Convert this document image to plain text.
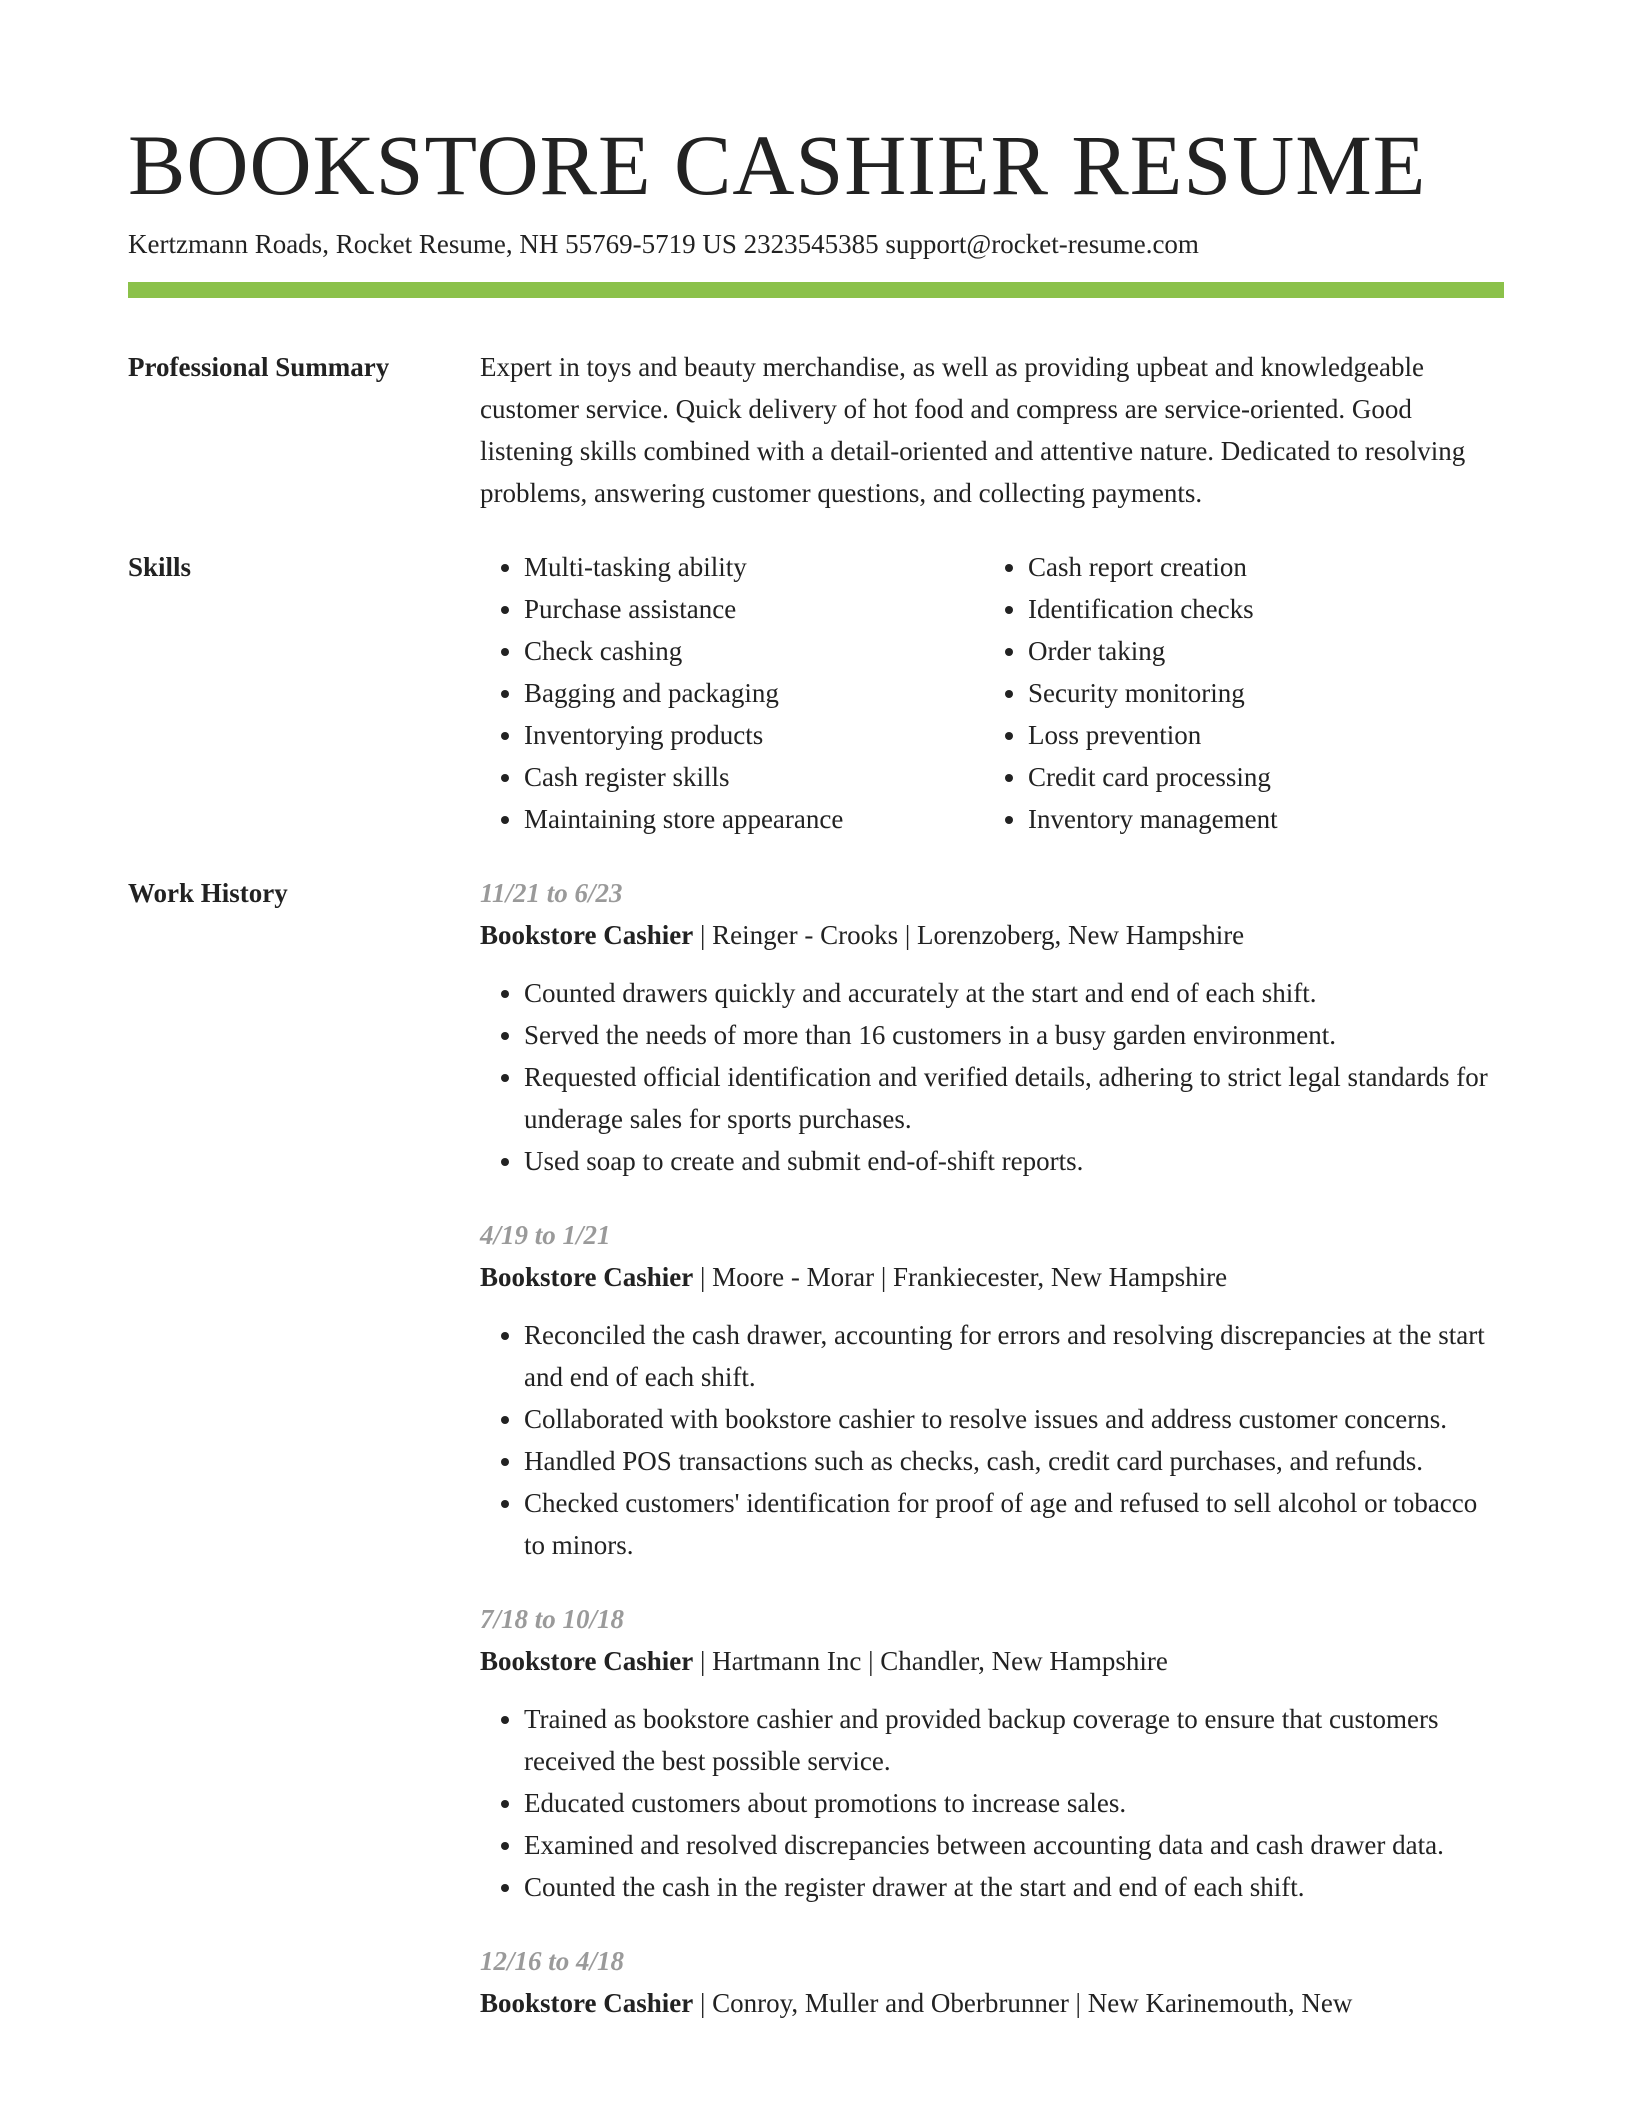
BOOKSTORE CASHIER RESUME
Kertzmann Roads, Rocket Resume, NH 55769-5719 US 2323545385 support@rocket-resume.com
Professional Summary	Expert in toys and beauty merchandise, as well as providing upbeat and knowledgeable customer service. Quick delivery of hot food and compress are service-oriented. Good listening skills combined with a detail-oriented and attentive nature. Dedicated to resolving problems, answering customer questions, and collecting payments.
Skills
•	Multi-tasking ability
• Purchase assistance
• Check cashing
• Bagging and packaging
• Inventorying products
• Cash register skills
• Maintaining store appearance
• Cash report creation
• Identification checks
• Order taking
• Security monitoring
• Loss prevention
• Credit card processing
• Inventory management
Work History	11/21 to 6/23
Bookstore Cashier | Reinger - Crooks | Lorenzoberg, New Hampshire
• Counted drawers quickly and accurately at the start and end of each shift.
• Served the needs of more than 16 customers in a busy garden environment.
• Requested official identification and verified details, adhering to strict legal standards for underage sales for sports purchases.
• Used soap to create and submit end-of-shift reports.
4/19 to 1/21
Bookstore Cashier | Moore - Morar | Frankiecester, New Hampshire
• Reconciled the cash drawer, accounting for errors and resolving discrepancies at the start and end of each shift.
• Collaborated with bookstore cashier to resolve issues and address customer concerns.
• Handled POS transactions such as checks, cash, credit card purchases, and refunds.
• Checked customers' identification for proof of age and refused to sell alcohol or tobacco to minors.
7/18 to 10/18
Bookstore Cashier | Hartmann Inc | Chandler, New Hampshire
• Trained as bookstore cashier and provided backup coverage to ensure that customers received the best possible service.
• Educated customers about promotions to increase sales.
• Examined and resolved discrepancies between accounting data and cash drawer data.
• Counted the cash in the register drawer at the start and end of each shift.
12/16 to 4/18
Bookstore Cashier | Conroy, Muller and Oberbrunner | New Karinemouth, New
